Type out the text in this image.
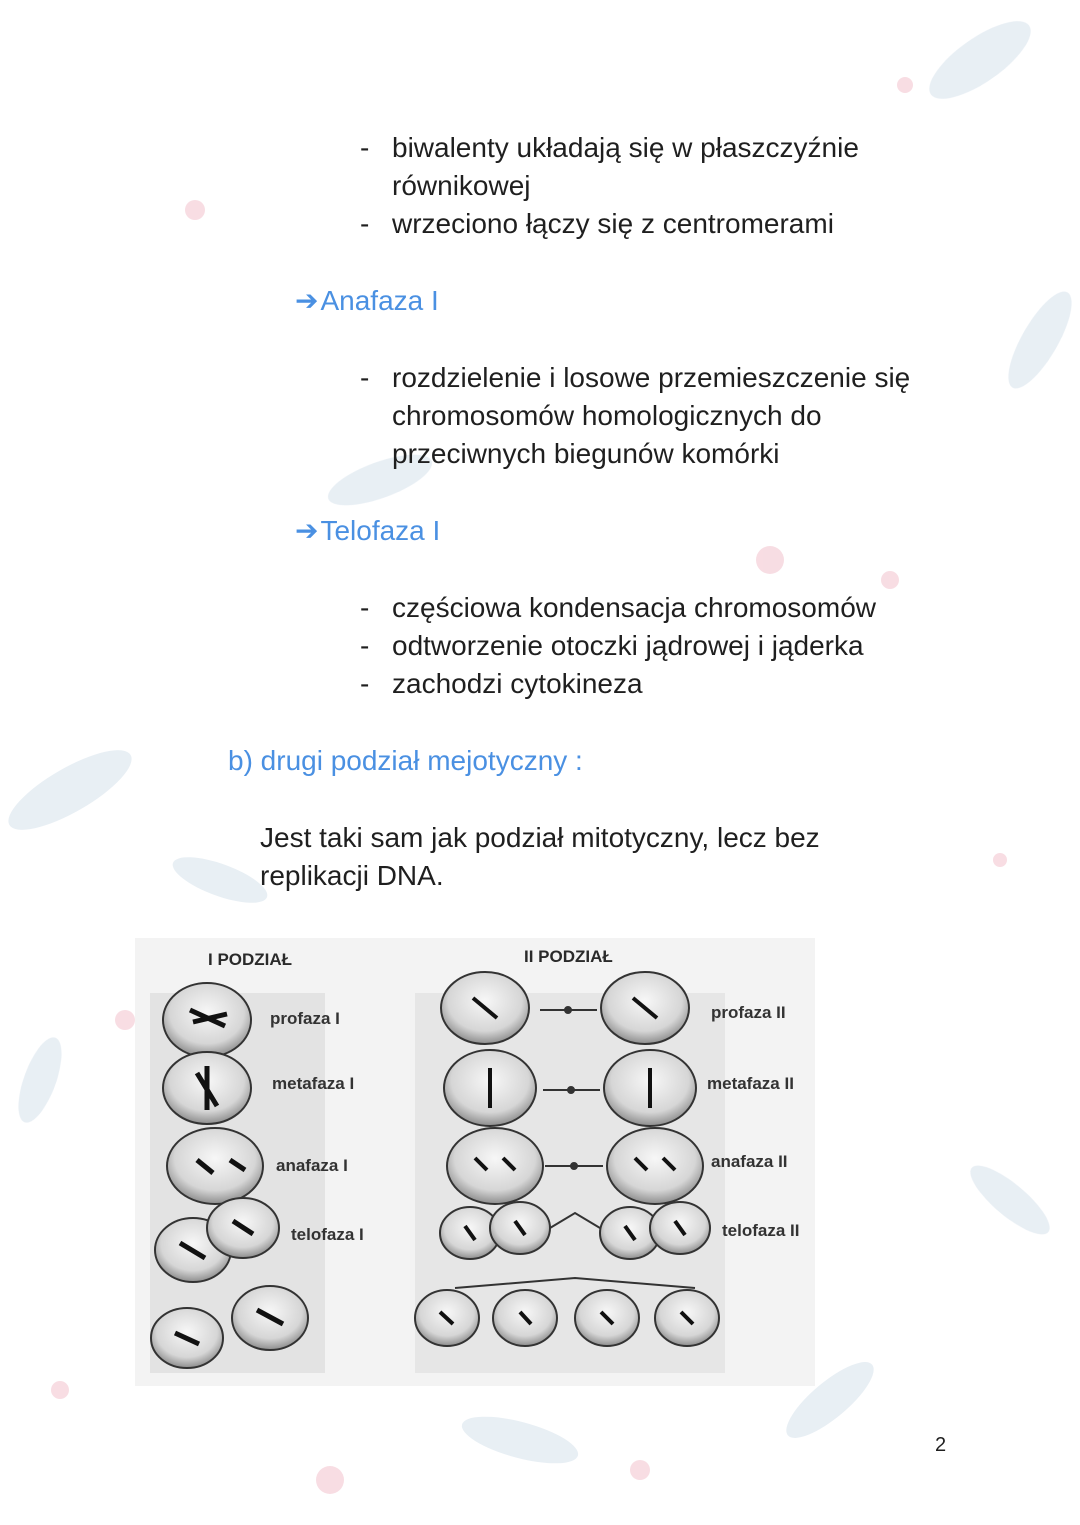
- biwalenty układają się w płaszczyźnie równikowej
- wrzeciono łączy się z centromerami
➔ Anafaza I
- rozdzielenie i losowe przemieszczenie się chromosomów homologicznych do przeciwnych biegunów komórki
➔ Telofaza I
- częściowa kondensacja chromosomów
- odtworzenie otoczki jądrowej i jąderka
- zachodzi cytokineza
b) drugi podział mejotyczny :
Jest taki sam jak podział mitotyczny, lecz bez replikacji DNA.
I PODZIAŁ	II PODZIAŁ
profaza I
metafaza I
anafaza I
telofaza I
profaza II
metafaza II
anafaza II
telofaza II
2
